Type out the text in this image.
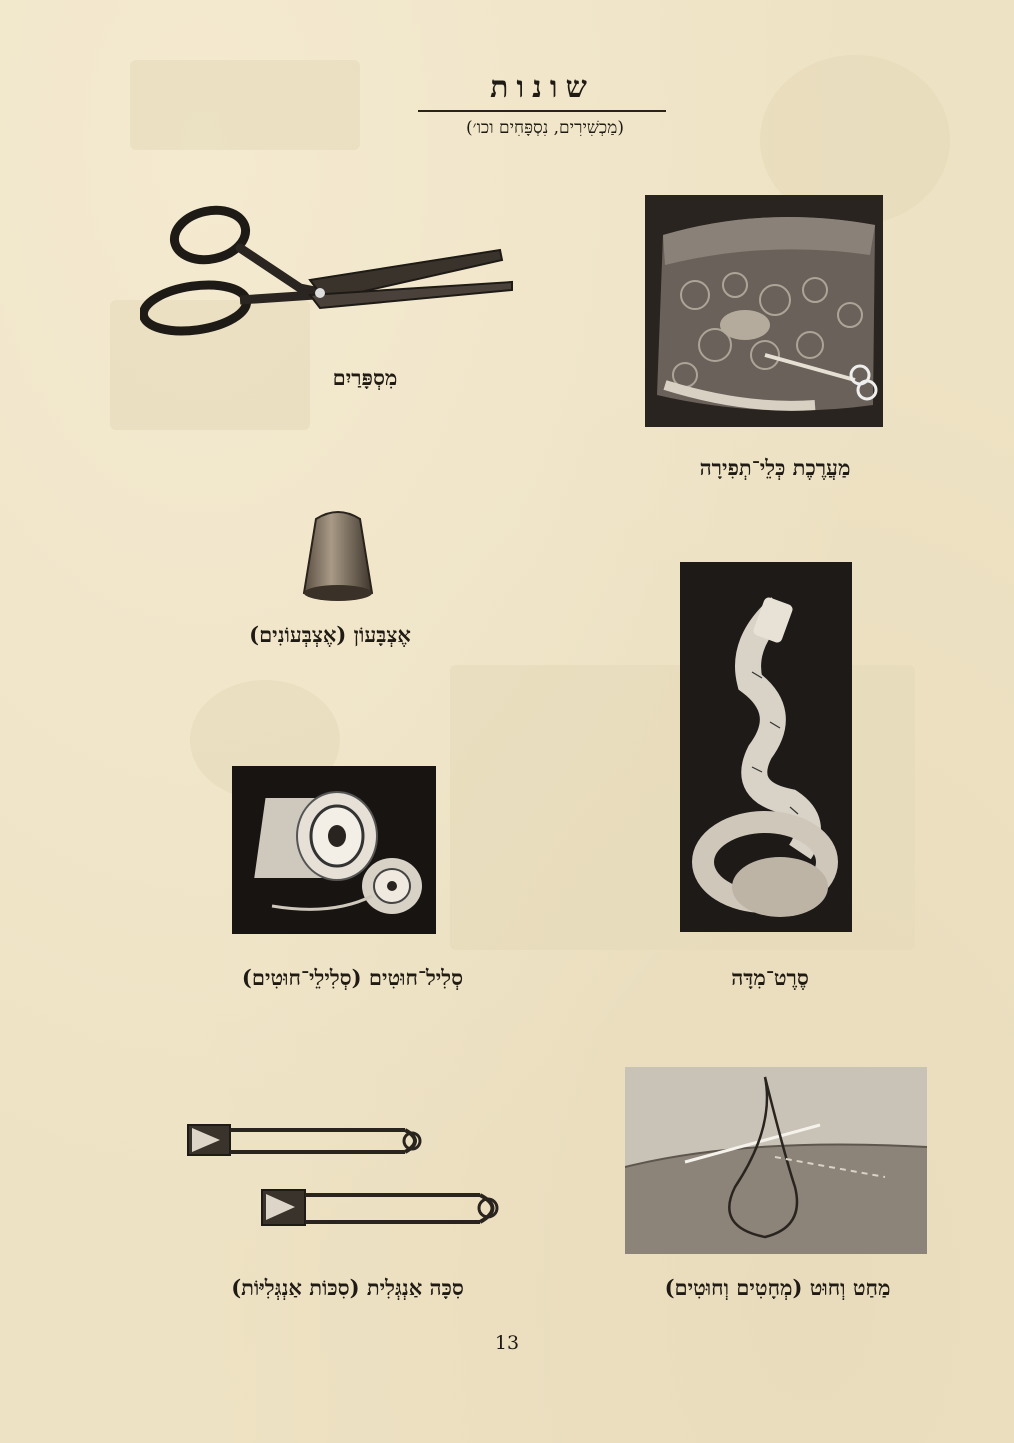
שונות

(מַכְשִׁירִים, נִסְפָּחִים וכו׳)

מִסְפָּרַיִם

מַעֲרֶכֶת כְּלֵי־תְפִירָה

אֶצְבָּעוֹן (אֶצְבְּעוֹנִים)

סֶרֶט־מִדָּה

סְלִיל־חוּטִים (סְלִילֵי־חוּטִים)

סִכָּה אַנְגְּלִית (סִכּוֹת אַנְגְּלִיּוֹת)	מַחַט וְחוּט (מְחָטִים וְחוּטִים)

13
